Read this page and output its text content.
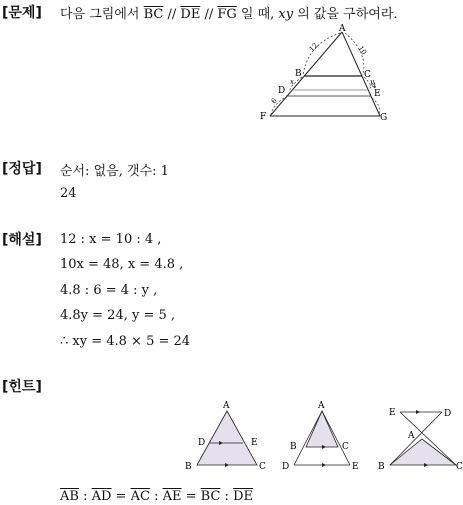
[문제] 다음 그림에서 $\overline{BC} // \overline{DE} // \overline{FG}$ 일 때, xy 의 값을 구하여라.
A
B	C
D	E
F	G
12	10
x	y
4
6
[정답] 순서: 없음, 갯수: 1
24
[해설] 12 : x = 10 : 4 ,
10x = 48, x = 4.8 ,
4.8 : 6 = 4 : y ,
4.8y = 24, y = 5 ,
∴ xy = 4.8 × 5 = 24
[힌트]
A
D	E
B	C
A
B	C
D	E
E	D
A
B	C
$\overline{AB}$ : $\overline{AD} = \overline{AC}$ : $\overline{AE} = \overline{BC}$ : $\overline{DE}$
